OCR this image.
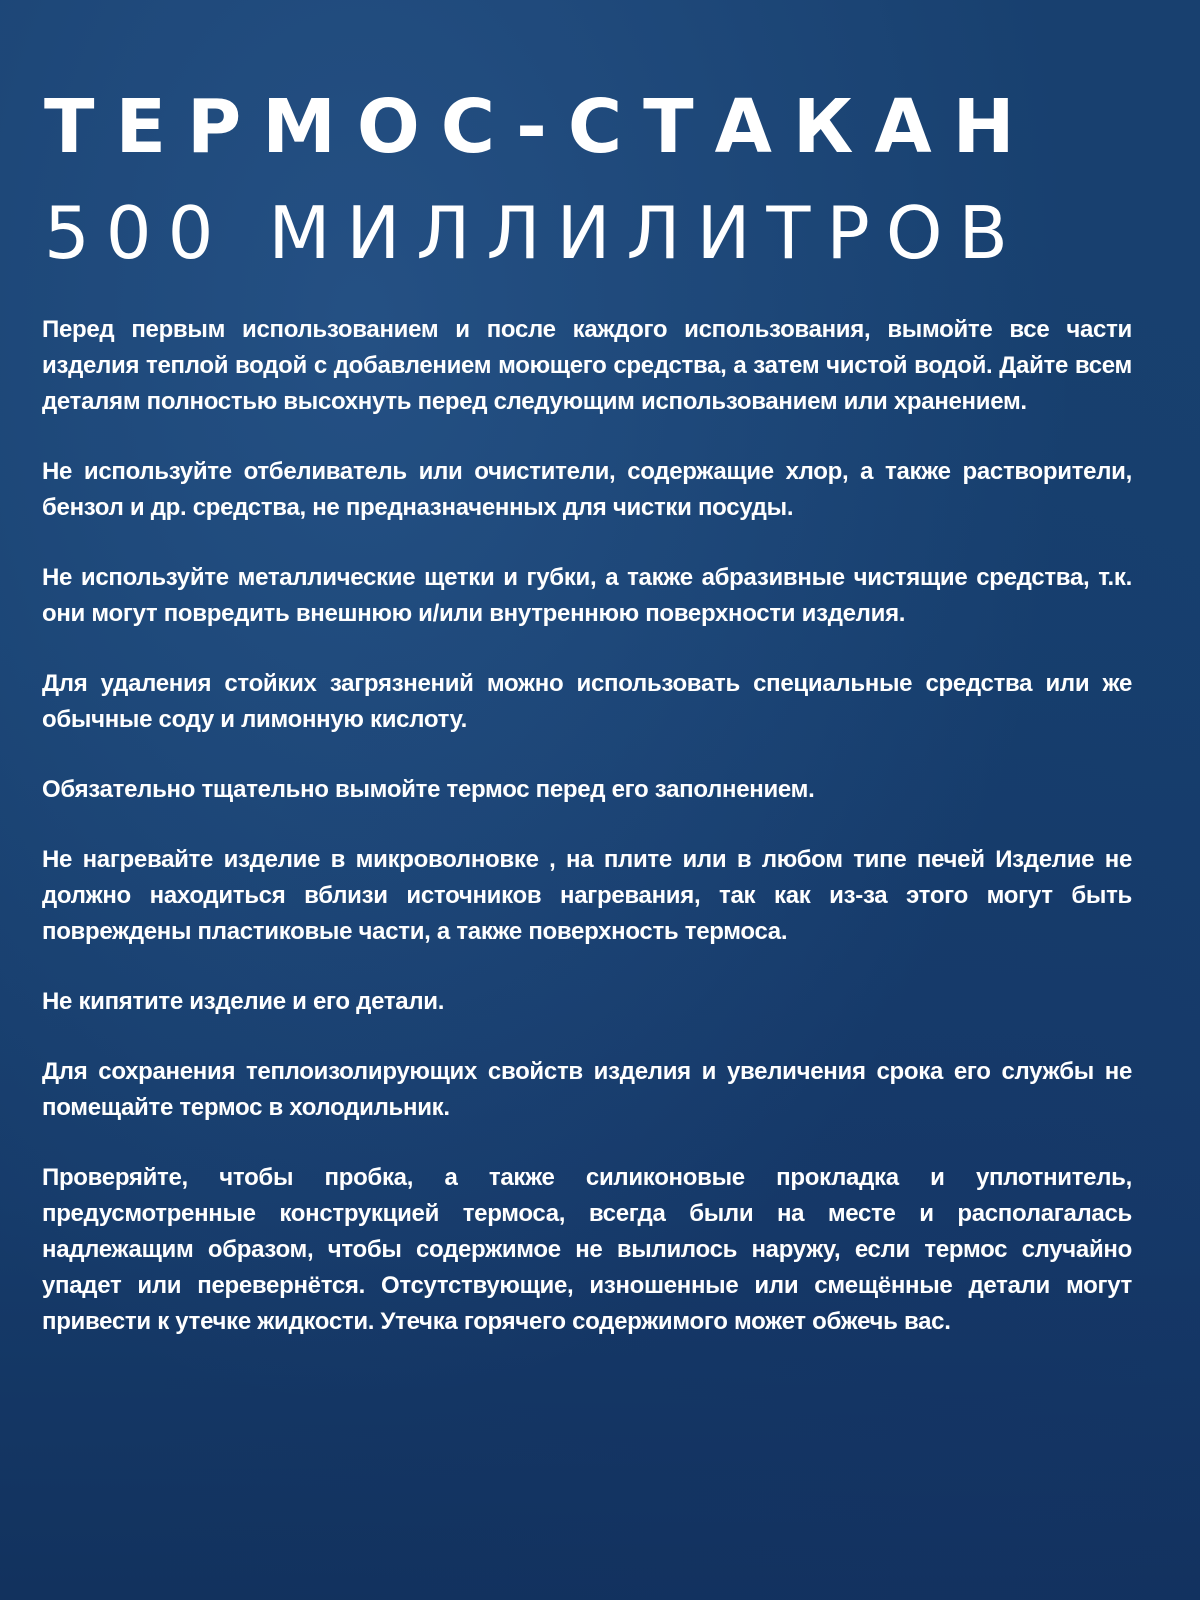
ТЕРМОС-СТАКАН
500 МИЛЛИЛИТРОВ

Перед первым использованием и после каждого использования, вымойте все части изделия теплой водой с добавлением моющего средства, а затем чистой водой. Дайте всем деталям полностью высохнуть перед следующим использованием или хранением.

Не используйте отбеливатель или очистители, содержащие хлор, а также растворители, бензол и др. средства, не предназначенных для чистки посуды.

Не используйте металлические щетки и губки, а также абразивные чистящие средства, т.к. они могут повредить внешнюю и/или внутреннюю поверхности изделия.

Для удаления стойких загрязнений можно использовать специальные средства или же обычные соду и лимонную кислоту.

Обязательно тщательно вымойте термос перед его заполнением.

Не нагревайте изделие в микроволновке , на плите или в любом типе печей Изделие не должно находиться вблизи источников нагревания, так как из-за этого могут быть повреждены пластиковые части, а также поверхность термоса.

Не кипятите изделие и его детали.

Для сохранения теплоизолирующих свойств изделия и увеличения срока его службы не помещайте термос в холодильник.

Проверяйте, чтобы пробка, а также силиконовые прокладка и уплотнитель, предусмотренные конструкцией термоса, всегда были на месте и располагалась надлежащим образом, чтобы содержимое не вылилось наружу, если термос случайно упадет или перевернётся. Отсутствующие, изношенные или смещённые детали могут привести к утечке жидкости. Утечка горячего содержимого может обжечь вас.
